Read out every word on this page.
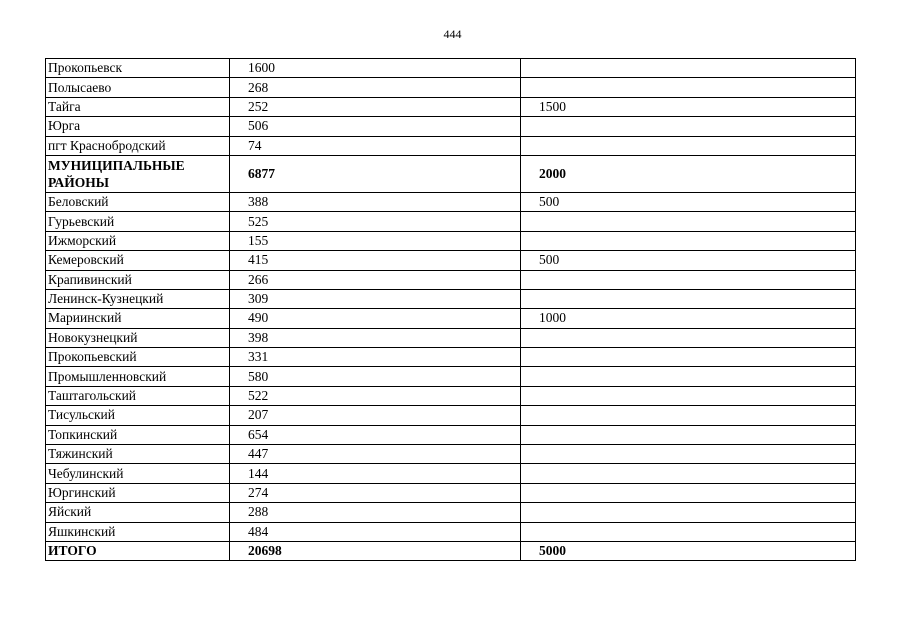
444
Прокопьевск	1600	
Полысаево	268	
Тайга	252	1500
Юрга	506	
пгт Краснобродский	74	
МУНИЦИПАЛЬНЫЕ РАЙОНЫ	6877	2000
Беловский	388	500
Гурьевский	525	
Ижморский	155	
Кемеровский	415	500
Крапивинский	266	
Ленинск-Кузнецкий	309	
Мариинский	490	1000
Новокузнецкий	398	
Прокопьевский	331	
Промышленновский	580	
Таштагольский	522	
Тисульский	207	
Топкинский	654	
Тяжинский	447	
Чебулинский	144	
Юргинский	274	
Яйский	288	
Яшкинский	484	
ИТОГО	20698	5000
